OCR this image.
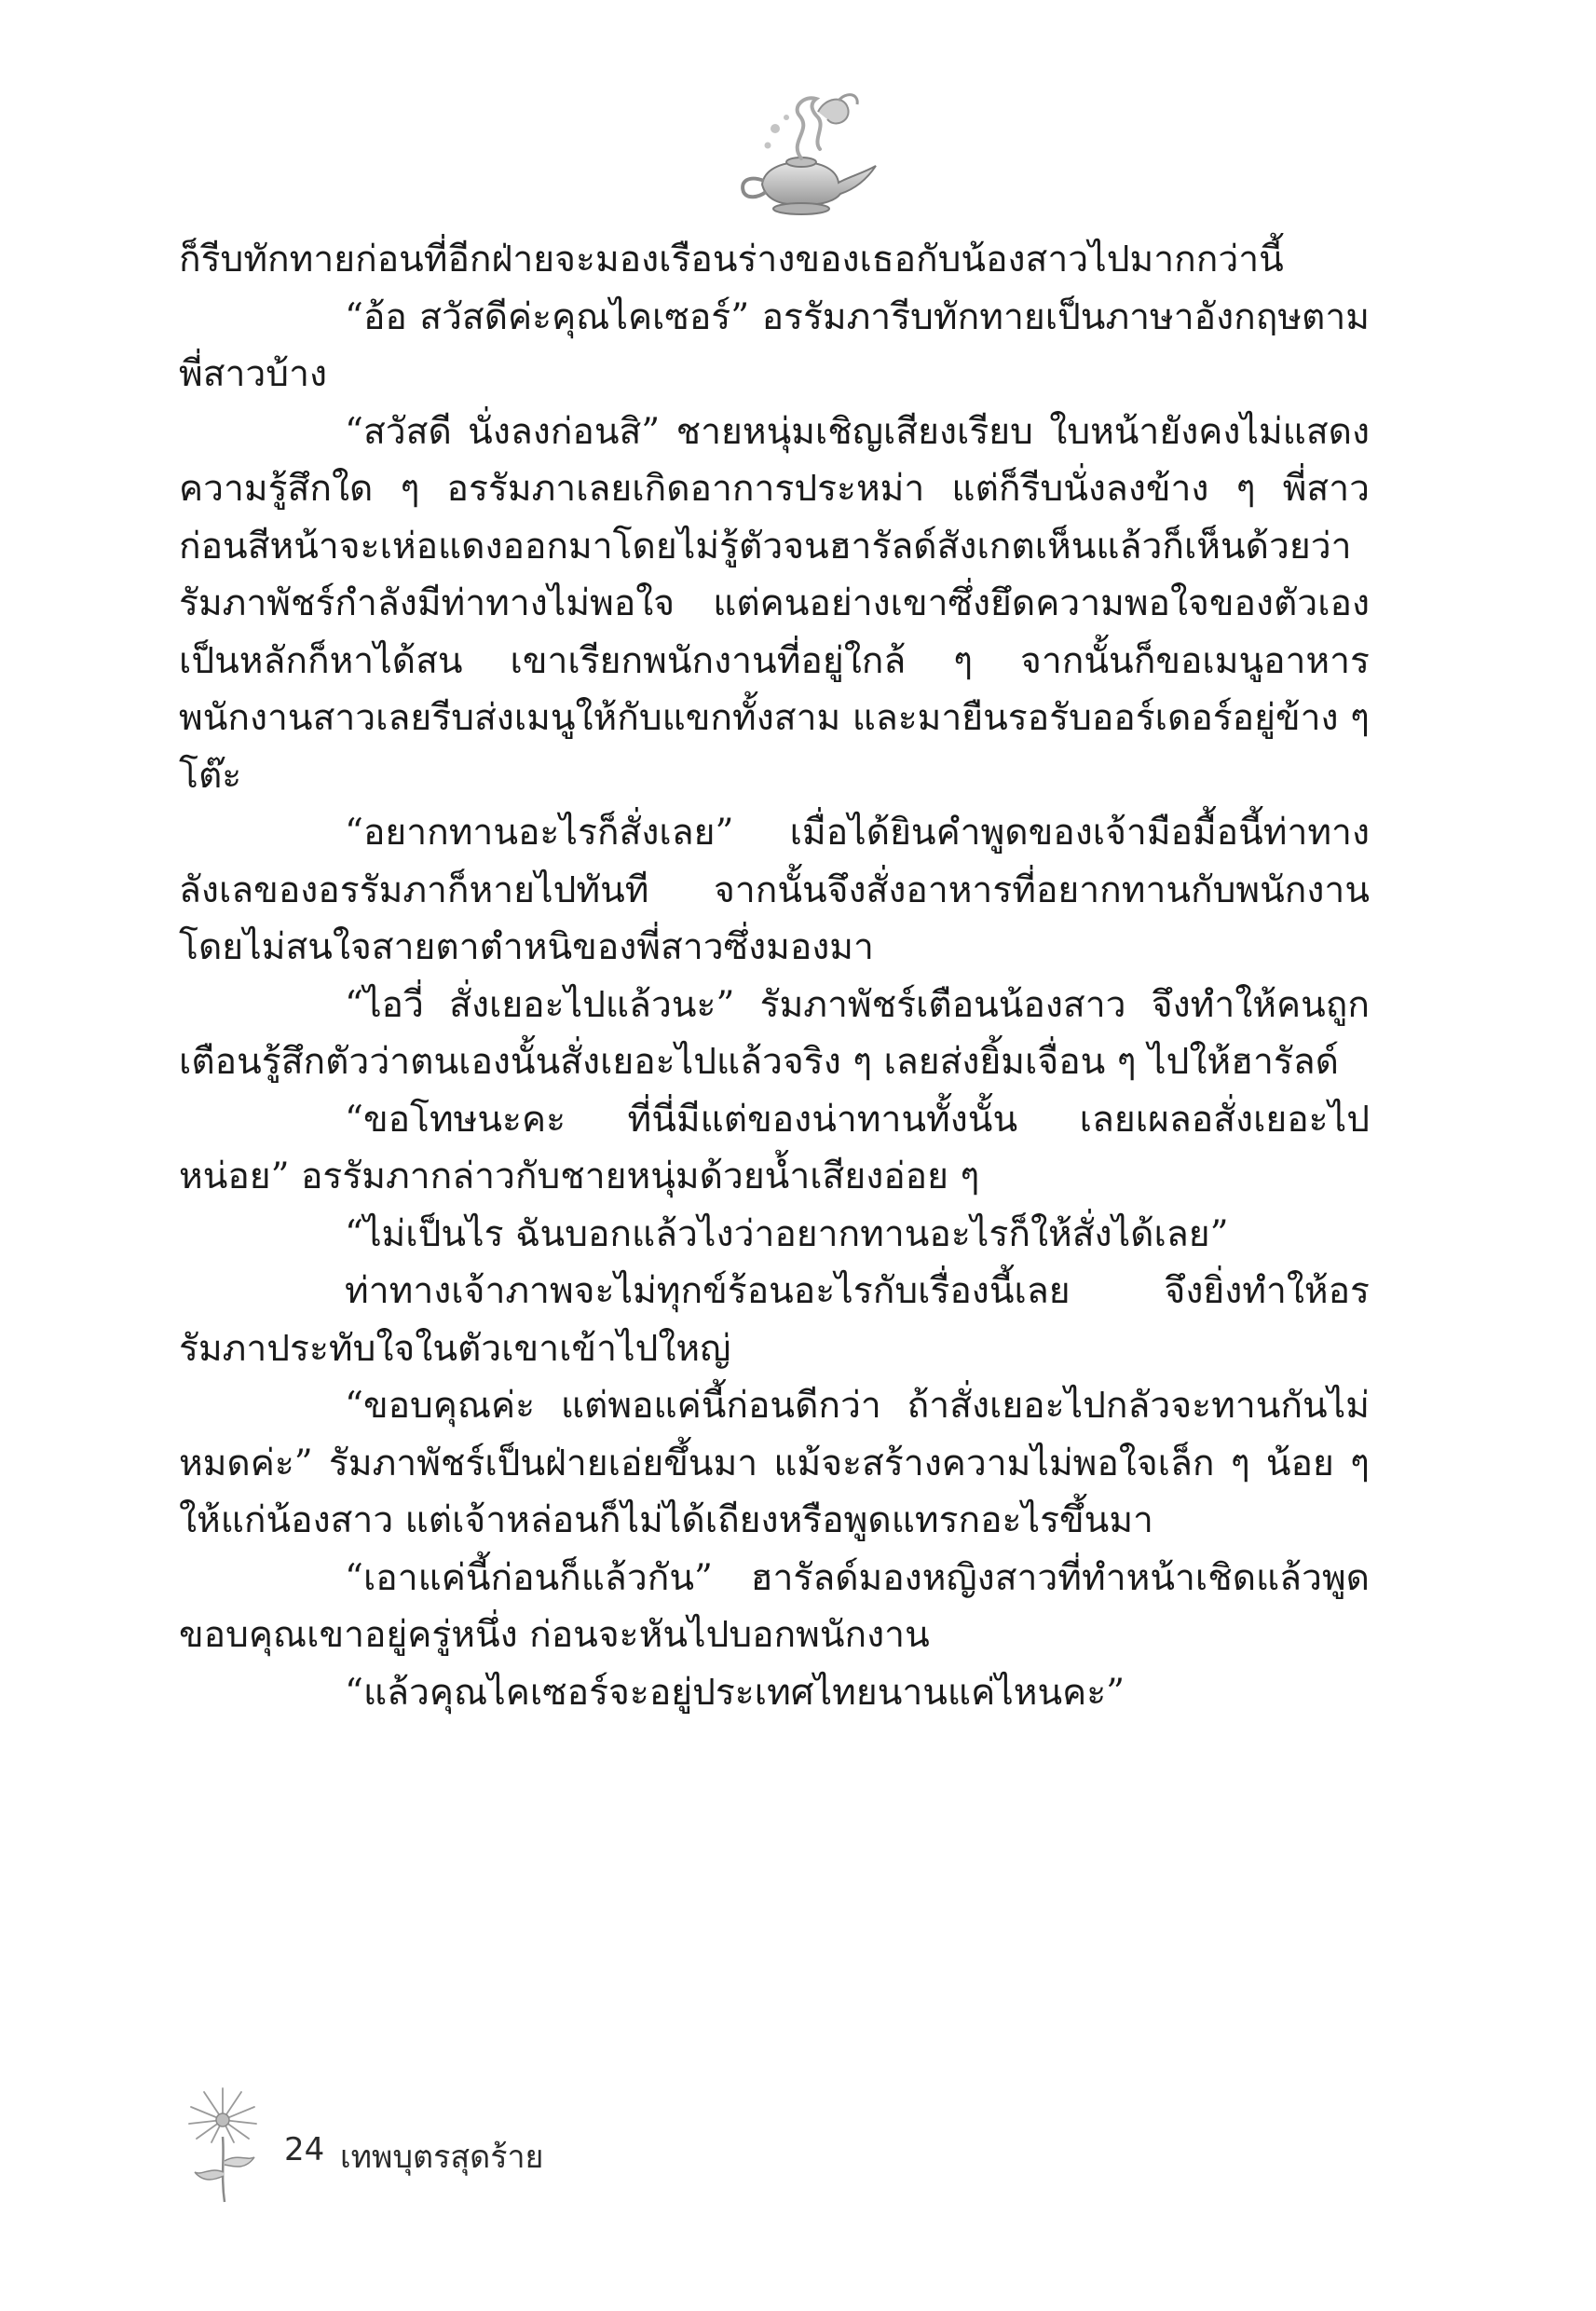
ก็รีบทักทายก่อนที่อีกฝ่ายจะมองเรือนร่างของเธอกับน้องสาวไปมากกว่านี้

“อ้อ สวัสดีค่ะคุณไคเซอร์” อรรัมภารีบทักทายเป็นภาษาอังกฤษตามพี่สาวบ้าง

“สวัสดี นั่งลงก่อนสิ” ชายหนุ่มเชิญเสียงเรียบ ใบหน้ายังคงไม่แสดงความรู้สึกใด ๆ อรรัมภาเลยเกิดอาการประหม่า แต่ก็รีบนั่งลงข้าง ๆ พี่สาว ก่อนสีหน้าจะเห่อแดงออกมาโดยไม่รู้ตัวจนฮารัลด์สังเกตเห็นแล้วก็เห็นด้วยว่ารัมภาพัชร์กำลังมีท่าทางไม่พอใจ แต่คนอย่างเขาซึ่งยึดความพอใจของตัวเองเป็นหลักก็หาได้สน เขาเรียกพนักงานที่อยู่ใกล้ ๆ จากนั้นก็ขอเมนูอาหาร พนักงานสาวเลยรีบส่งเมนูให้กับแขกทั้งสาม และมายืนรอรับออร์เดอร์อยู่ข้าง ๆ โต๊ะ

“อยากทานอะไรก็สั่งเลย” เมื่อได้ยินคำพูดของเจ้ามือมื้อนี้ท่าทางลังเลของอรรัมภาก็หายไปทันที จากนั้นจึงสั่งอาหารที่อยากทานกับพนักงานโดยไม่สนใจสายตาตำหนิของพี่สาวซึ่งมองมา

“ไอวี่ สั่งเยอะไปแล้วนะ” รัมภาพัชร์เตือนน้องสาว จึงทำให้คนถูกเตือนรู้สึกตัวว่าตนเองนั้นสั่งเยอะไปแล้วจริง ๆ เลยส่งยิ้มเจื่อน ๆ ไปให้ฮารัลด์

“ขอโทษนะคะ ที่นี่มีแต่ของน่าทานทั้งนั้น เลยเผลอสั่งเยอะไปหน่อย” อรรัมภากล่าวกับชายหนุ่มด้วยน้ำเสียงอ่อย ๆ

“ไม่เป็นไร ฉันบอกแล้วไงว่าอยากทานอะไรก็ให้สั่งได้เลย”

ท่าทางเจ้าภาพจะไม่ทุกข์ร้อนอะไรกับเรื่องนี้เลย จึงยิ่งทำให้อรรัมภาประทับใจในตัวเขาเข้าไปใหญ่

“ขอบคุณค่ะ แต่พอแค่นี้ก่อนดีกว่า ถ้าสั่งเยอะไปกลัวจะทานกันไม่หมดค่ะ” รัมภาพัชร์เป็นฝ่ายเอ่ยขึ้นมา แม้จะสร้างความไม่พอใจเล็ก ๆ น้อย ๆ ให้แก่น้องสาว แต่เจ้าหล่อนก็ไม่ได้เถียงหรือพูดแทรกอะไรขึ้นมา

“เอาแค่นี้ก่อนก็แล้วกัน” ฮารัลด์มองหญิงสาวที่ทำหน้าเชิดแล้วพูดขอบคุณเขาอยู่ครู่หนึ่ง ก่อนจะหันไปบอกพนักงาน

“แล้วคุณไคเซอร์จะอยู่ประเทศไทยนานแค่ไหนคะ”

24 เทพบุตรสุดร้าย
